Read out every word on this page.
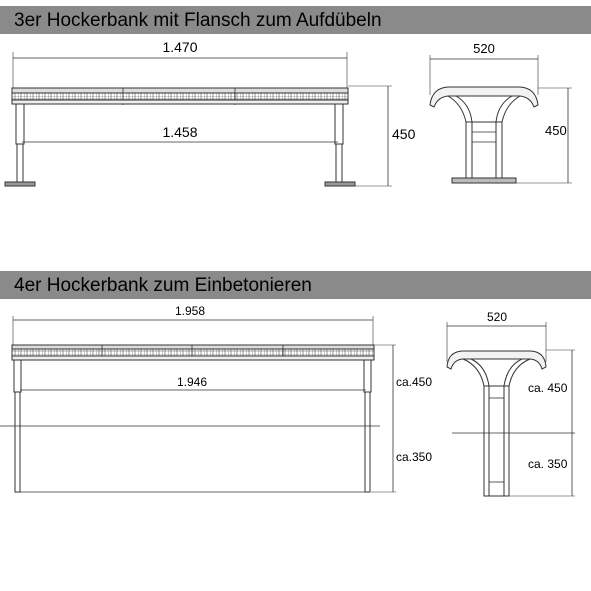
3er Hockerbank mit Flansch zum Aufdübeln
4er Hockerbank zum Einbetonieren
1.470
1.458	450
520
450
1.958
1.946	ca.450
ca.350
520
ca. 450
ca. 350
